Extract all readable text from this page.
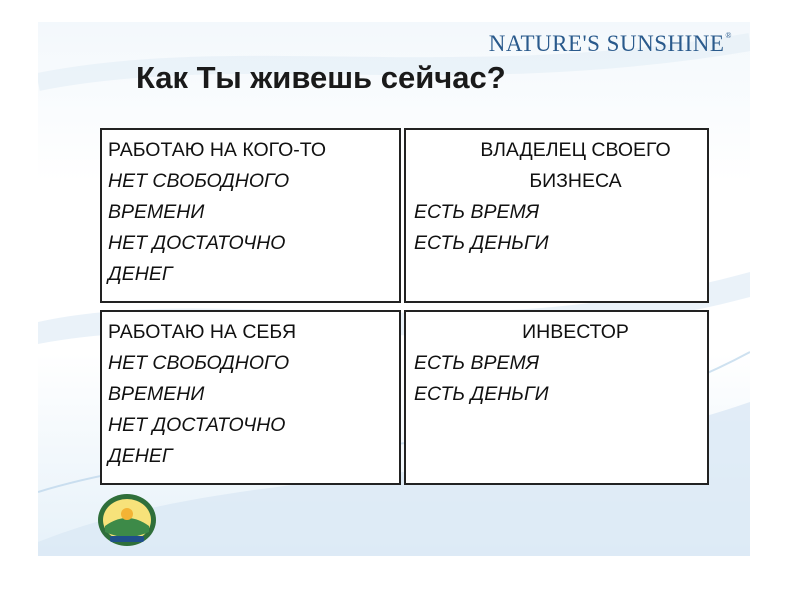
NATURE'S SUNSHINE®
Как Ты живешь сейчас?
РАБОТАЮ НА КОГО-ТО
НЕТ СВОБОДНОГО
ВРЕМЕНИ
НЕТ ДОСТАТОЧНО
ДЕНЕГ
ВЛАДЕЛЕЦ СВОЕГО
БИЗНЕСА
ЕСТЬ ВРЕМЯ
ЕСТЬ ДЕНЬГИ
РАБОТАЮ НА СЕБЯ
НЕТ СВОБОДНОГО
ВРЕМЕНИ
НЕТ ДОСТАТОЧНО
ДЕНЕГ
ИНВЕСТОР
ЕСТЬ ВРЕМЯ
ЕСТЬ ДЕНЬГИ
